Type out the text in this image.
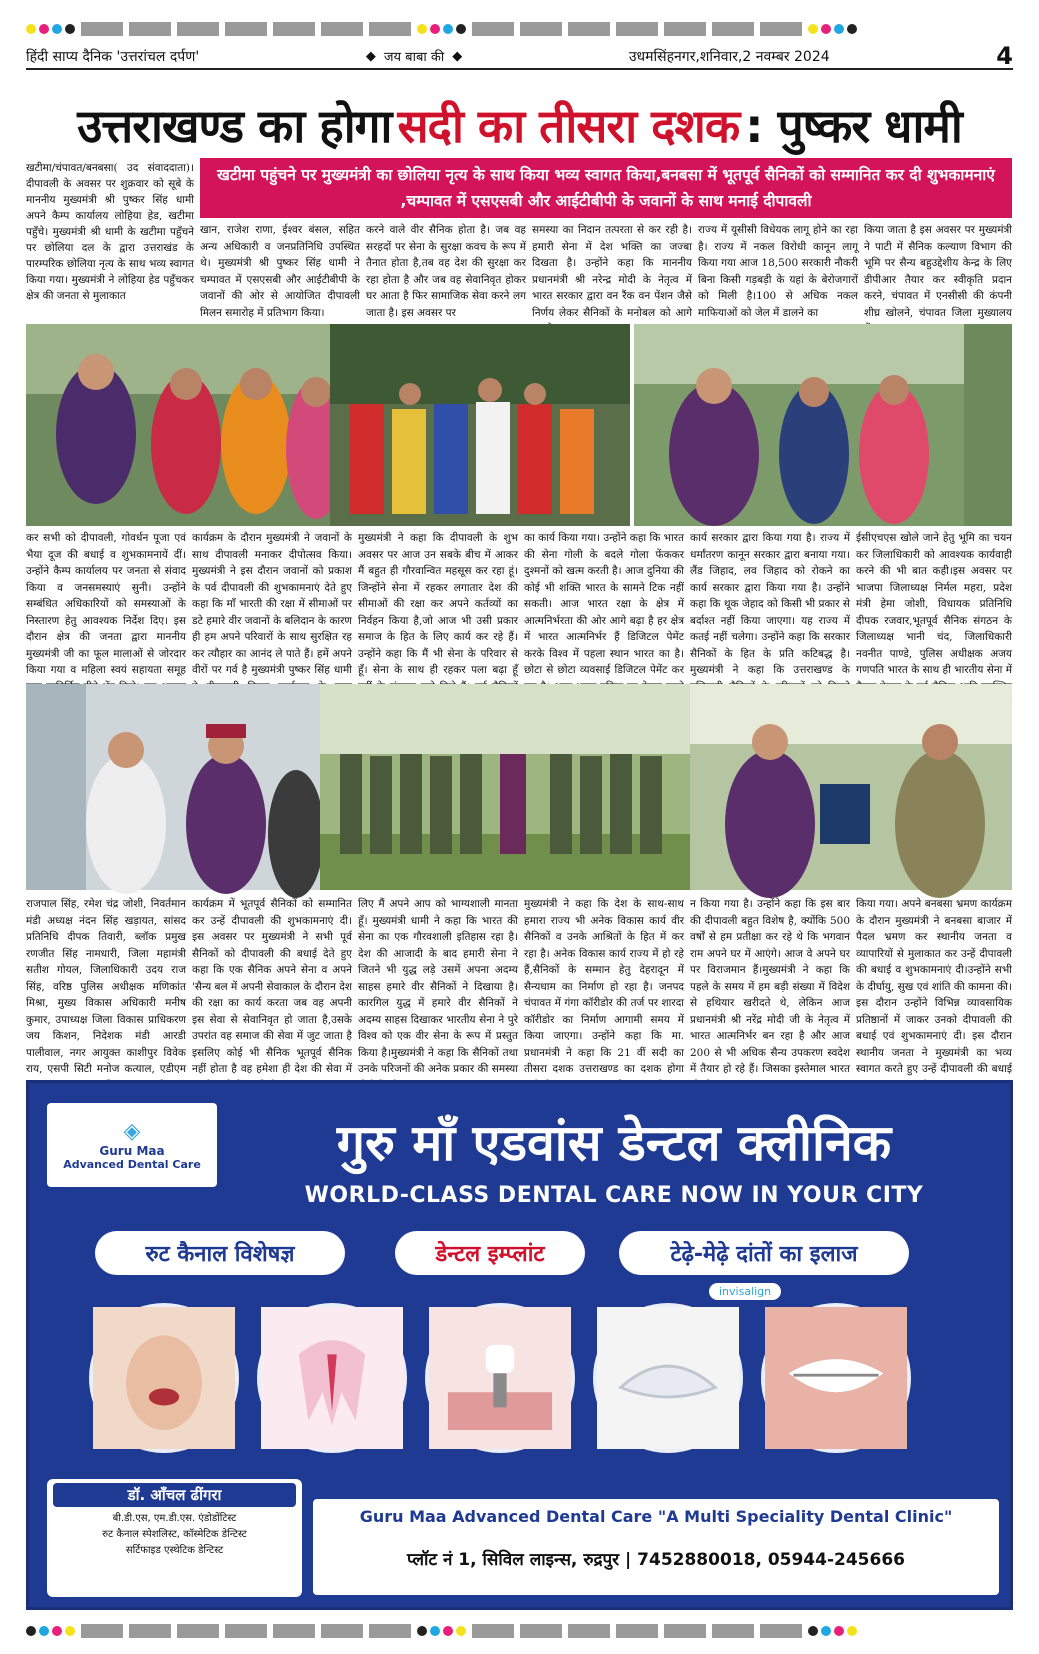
हिंदी साप्य दैनिक 'उत्तरांचल दर्पण'	◆ जय बाबा की ◆	उधमसिंहनगर,शनिवार,2 नवम्बर 2024	4
उत्तराखण्ड का होगा सदी का तीसरा दशक : पुष्कर धामी
खटीमा/चंपावत/बनबसा( उद संवाददाता)। दीपावली के अवसर पर शुक्रवार को सूबे के माननीय मुख्यमंत्री श्री पुष्कर सिंह धामी अपने कैम्प कार्यालय लोहिया हेड, खटीमा पहुँचे। मुख्यमंत्री श्री धामी के खटीमा पहुँचने पर छोलिया दल के द्वारा उत्तराखंड के पारम्परिक छोलिया नृत्य के साथ भव्य स्वागत किया गया। मुख्यमंत्री ने लोहिया हेड पहुँचकर क्षेत्र की जनता से मुलाकात
खटीमा पहुंचने पर मुख्यमंत्री का छोलिया नृत्य के साथ किया भव्य स्वागत किया,बनबसा में भूतपूर्व सैनिकों को सम्मानित कर दी शुभकामनाएं ,चम्पावत में एसएसबी और आईटीबीपी के जवानों के साथ मनाई दीपावली
खान, राजेश राणा, ईश्वर बंसल, सहित अन्य अधिकारी व जनप्रतिनिधि उपस्थित थे। मुख्यमंत्री श्री पुष्कर सिंह धामी ने चम्पावत में एसएसबी और आईटीबीपी के जवानों की ओर से आयोजित दीपावली मिलन समारोह में प्रतिभाग किया।
करने वाले वीर सैनिक होता है। जब वह सरहदों पर सेना के सुरक्षा कवच के रूप में तैनात होता है,तब वह देश की सुरक्षा कर रहा होता है और जब वह सेवानिवृत होकर घर आता है फिर सामाजिक सेवा करने लग जाता है। इस अवसर पर
समस्या का निदान तत्परता से कर रही है। हमारी सेना में देश भक्ति का जज्बा दिखता है। उन्होंने कहा कि माननीय प्रधानमंत्री श्री नरेन्द्र मोदी के नेतृत्व में भारत सरकार द्वारा वन रैंक वन पेंशन जैसे निर्णय लेकर सैनिकों के मनोबल को आगे
राज्य में यूसीसी विधेयक लागू होने का रहा है। राज्य में नकल विरोधी कानून लागू किया गया आज 18,500 सरकारी नौकरी बिना किसी गड़बड़ी के यहां के बेरोजगारों को मिली है।100 से अधिक नकल माफियाओं को जेल में डालने का
किया जाता है इस अवसर पर मुख्यमंत्री ने पाटी में सैनिक कल्याण विभाग की भूमि पर सैन्य बहुउद्देशीय केन्द्र के लिए डीपीआर तैयार कर स्वीकृति प्रदान करने, चंपावत में एनसीसी की कंपनी शीघ्र खोलने, चंपावत जिला मुख्यालय
कर सभी को दीपावली, गोवर्धन पूजा एवं भैया दूज की बधाई व शुभकामनायें दीं। उन्होंने कैम्प कार्यालय पर जनता से संवाद किया व जनसमस्याएं सुनी। उन्होंने सम्बंधित अधिकारियों को समस्याओं के निस्तारण हेतु आवश्यक निर्देश दिए। इस दौरान क्षेत्र की जनता द्वारा माननीय मुख्यमंत्री जी का फूल मालाओं से जोरदार किया गया व महिला स्वयं सहायता समूह
कार्यक्रम के दौरान मुख्यमंत्री ने जवानों के साथ दीपावली मनाकर दीपोत्सव किया। मुख्यमंत्री ने इस दौरान जवानों को प्रकाश के पर्व दीपावली की शुभकामनाएं देते हुए कहा कि माँ भारती की रक्षा में सीमाओं पर डटे हमारे वीर जवानों के बलिदान के कारण ही हम अपने परिवारों के साथ सुरक्षित रह कर त्यौहार का आनंद ले पाते हैं। हमें अपने वीरों पर गर्व है मुख्यमंत्री पुष्कर सिंह धामी
मुख्यमंत्री ने कहा कि दीपावली के शुभ अवसर पर आज उन सबके बीच में आकर मैं बहुत ही गौरवान्वित महसूस कर रहा हूं। जिन्होंने सेना में रहकर लगातार देश की सीमाओं की रक्षा कर अपने कर्तव्यों का निर्वहन किया है,जो आज भी उसी प्रकार समाज के हित के लिए कार्य कर रहे हैं। उन्होंने कहा कि मैं भी सेना के परिवार से हूँ। सेना के साथ ही रहकर पला बढ़ा हूँ
का कार्य किया गया। उन्होंने कहा कि भारत की सेना गोली के बदले गोला फेंककर दुश्मनों को खत्म करती है। आज दुनिया की कोई भी शक्ति भारत के सामने टिक नहीं सकती। आज भारत रक्षा के क्षेत्र में आत्मनिर्भरता की ओर आगे बढ़ा है हर क्षेत्र में भारत आत्मनिर्भर हैं डिजिटल पेमेंट करके विश्व में पहला स्थान भारत का है। छोटा से छोटा व्यवसाई डिजिटल पेमेंट कर
कार्य सरकार द्वारा किया गया है। राज्य में धर्मांतरण कानून सरकार द्वारा बनाया गया। लैंड जिहाद, लव जिहाद को रोकने का कार्य सरकार द्वारा किया गया है। उन्होंने कहा कि थूक जेहाद को किसी भी प्रकार से बर्दाश्त नहीं किया जाएगा। यह राज्य में कतई नहीं चलेगा। उन्होंने कहा कि सरकार सैनिकों के हित के प्रति कटिबद्ध है। मुख्यमंत्री ने कहा कि उत्तराखण्ड के
ईसीएचएस खोले जाने हेतु भूमि का चयन कर जिलाधिकारी को आवश्यक कार्यवाही करने की भी बात कही।इस अवसर पर भाजपा जिलाध्यक्ष निर्मल महरा, प्रदेश मंत्री हेमा जोशी, विधायक प्रतिनिधि दीपक रजवार,भूतपूर्व सैनिक संगठन के जिलाध्यक्ष भानी चंद, जिलाधिकारी नवनीत पाण्डे, पुलिस अधीक्षक अजय गणपति भारत के साथ ही भारतीय सेना में
राजपाल सिंह, रमेश चंद्र जोशी, निवर्तमान मंडी अध्यक्ष नंदन सिंह खड़ायत, सांसद प्रतिनिधि दीपक तिवारी, ब्लॉक प्रमुख रणजीत सिंह नामधारी, जिला महामंत्री सतीश गोयल, जिलाधिकारी उदय राज सिंह, वरिष्ठ पुलिस अधीक्षक मणिकांत मिश्रा, मुख्य विकास अधिकारी मनीष कुमार, उपाध्यक्ष जिला विकास प्राधिकरण जय किशन, निदेशक मंडी आरडी पालीवाल, नगर आयुक्त काशीपुर विवेक राय, एसपी सिटी मनोज कत्याल, एडीएम
कार्यक्रम में भूतपूर्व सैनिकों को सम्मानित कर उन्हें दीपावली की शुभकामनाएं दी। इस अवसर पर मुख्यमंत्री ने सभी पूर्व सैनिकों को दीपावली की बधाई देते हुए कहा कि एक सैनिक अपने सेना व अपने 'सैन्य बल में अपनी सेवाकाल के दौरान देश की रक्षा का कार्य करता जब वह अपनी इस सेवा से सेवानिवृत हो जाता है,उसके उपरांत वह समाज की सेवा में जुट जाता है इसलिए कोई भी सैनिक भूतपूर्व सैनिक नहीं होता है वह हमेशा ही देश की सेवा में
लिए मैं अपने आप को भाग्यशाली मानता हूँ। मुख्यमंत्री धामी ने कहा कि भारत की सेना का एक गौरवशाली इतिहास रहा है। देश की आजादी के बाद हमारी सेना ने जितने भी युद्ध लड़े उसमें अपना अदम्य साहस हमारे वीर सैनिकों ने दिखाया है। कारगिल युद्ध में हमारे वीर सैनिकों ने अदम्य साहस दिखाकर भारतीय सेना ने पुरे विश्व को एक वीर सेना के रूप में प्रस्तुत किया है।मुख्यमंत्री ने कहा कि सैनिकों तथा उनके परिजनों की अनेक प्रकार की समस्या
मुख्यमंत्री ने कहा कि देश के साथ-साथ हमारा राज्य भी अनेक विकास कार्य वीर सैनिकों व उनके आश्रितों के हित में कर रहा है। अनेक विकास कार्य राज्य में हो रहे हैं,सैनिकों के सम्मान हेतु देहरादून में सैन्यधाम का निर्माण हो रहा है। जनपद चंपावत में गंगा कॉरीडोर की तर्ज पर शारदा कॉरीडोर का निर्माण आगामी समय में किया जाएगा। उन्होंने कहा कि मा. प्रधानमंत्री ने कहा कि 21 वीं सदी का तीसरा दशक उत्तराखण्ड का दशक होगा
न किया गया है। उन्होंने कहा कि इस बार की दीपावली बहुत विशेष है, क्योंकि 500 वर्षों से हम प्रतीक्षा कर रहे थे कि भगवान राम अपने घर में आएंगे। आज वे अपने घर पर विराजमान हैं।मुख्यमंत्री ने कहा कि पहले के समय में हम बड़ी संख्या में विदेश से हथियार खरीदते थे, लेकिन आज प्रधानमंत्री श्री नरेंद्र मोदी जी के नेतृत्व में भारत आत्मनिर्भर बन रहा है और आज 200 से भी अधिक सैन्य उपकरण स्वदेश में तैयार हो रहे हैं। जिसका इस्तेमाल भारत
किया गया। अपने बनबसा भ्रमण कार्यक्रम के दौरान मुख्यमंत्री ने बनबसा बाजार में पैदल भ्रमण कर स्थानीय जनता व व्यापारियों से मुलाकात कर उन्हें दीपावली की बधाई व शुभकामनाएं दी।उन्होंने सभी के दीर्घायु, सुख एवं शांति की कामना की। इस दौरान उन्होंने विभिन्न व्यावसायिक प्रतिष्ठानों में जाकर उनको दीपावली की बधाई एवं शुभकामनाएं दी। इस दौरान स्थानीय जनता ने मुख्यमंत्री का भव्य स्वागत करते हुए उन्हें दीपावली की बधाई
◈
Guru Maa
Advanced Dental Care	गुरु माँ एडवांस डेन्टल क्लीनिक
WORLD-CLASS DENTAL CARE NOW IN YOUR CITY
रुट कैनाल विशेषज्ञ	डेन्टल इम्प्लांट	टेढ़े-मेढ़े दांतों का इलाज
invisalign
डॉ. आँचल ढींगरा
बी.डी.एस, एम.डी.एस. एंडोडोंटिस्ट
रुट कैनाल स्पेशलिस्ट, कॉस्मेटिक डेन्टिस्ट
सर्टिफाइड एस्थेटिक डेन्टिस्ट
Guru Maa Advanced Dental Care "A Multi Speciality Dental Clinic"
प्लॉट नं 1, सिविल लाइन्स, रुद्रपुर | 7452880018, 05944-245666
